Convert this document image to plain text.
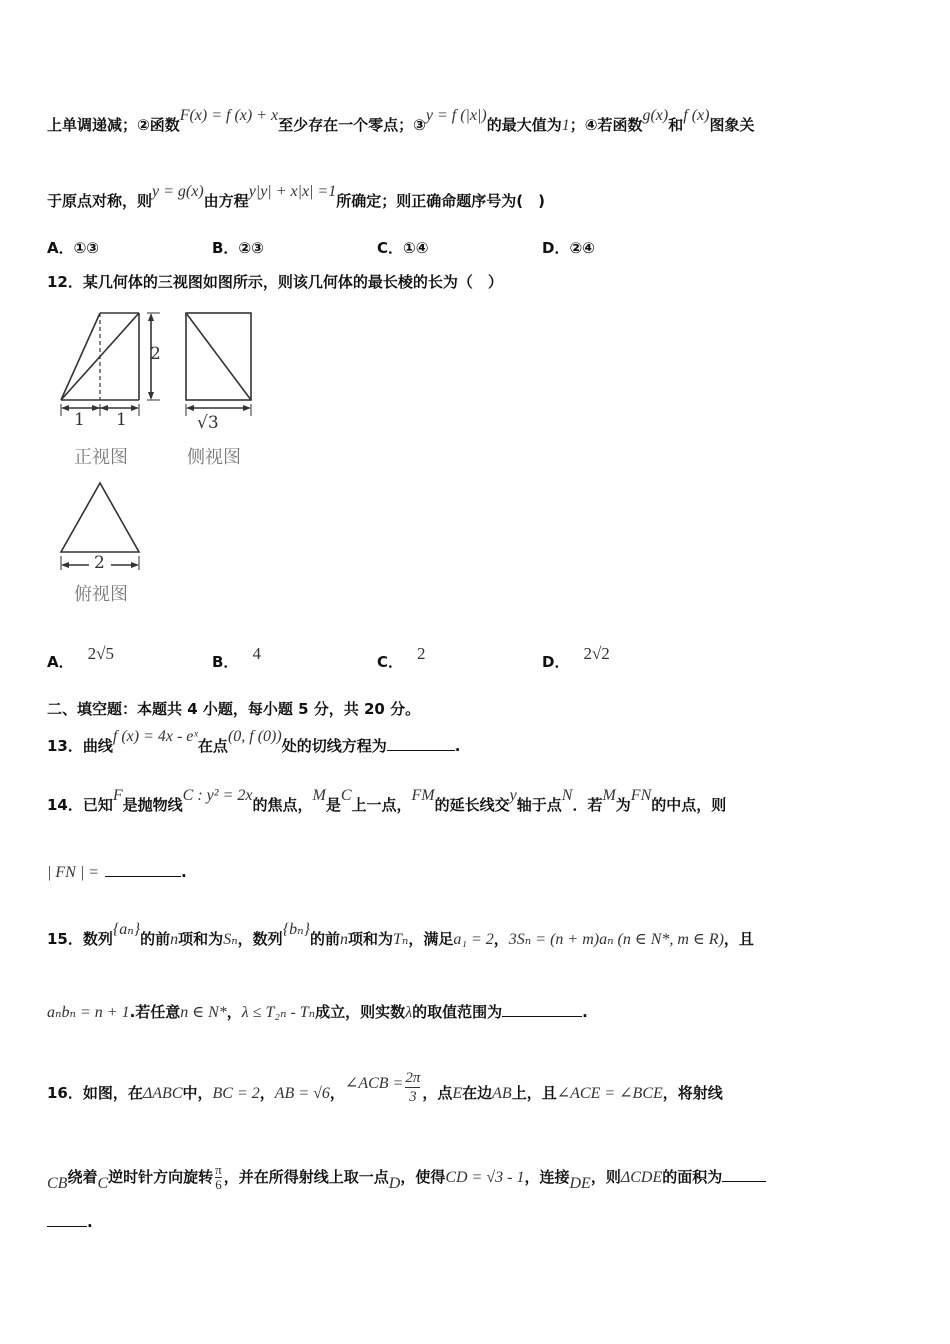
上单调递减；②函数F(x) = f (x) + x至少存在一个零点；③y = f (|x|)的最大值为1；④若函数g(x)和f (x)图象关
于原点对称，则y = g(x)由方程y|y| + x|x| =1所确定；则正确命题序号为(　)
A．①③	B．②③	C．①④	D．②④
12．某几何体的三视图如图所示，则该几何体的最长棱的长为（　）
1 1
2
正视图
√3
侧视图
2
俯视图
A． 2√5	B． 4	C． 2	D． 2√2
二、填空题：本题共 4 小题，每小题 5 分，共 20 分。
13．曲线f (x) = 4x - eˣ在点(0, f (0))处的切线方程为	.
14．已知F是抛物线C : y² = 2x的焦点，M是C上一点，FM的延长线交y轴于点N．若M为FN的中点，则
| FN | =	.
15．数列{aₙ}的前n项和为Sₙ，数列{bₙ}的前n项和为Tₙ，满足a₁ = 2，3Sₙ = (n + m)aₙ (n ∈ N*, m ∈ R)，且
aₙbₙ = n + 1.若任意n ∈ N*，λ ≤ T₂ₙ - Tₙ成立，则实数λ的取值范围为	.
16．如图，在ΔABC中，BC = 2，AB = √6，∠ACB = $\frac{2\pi}{3}$ ，点E在边AB上，且∠ACE = ∠BCE，将射线
CB绕着C逆时针方向旋转 $\frac{\pi}{6}$ ，并在所得射线上取一点D，使得CD = √3 - 1，连接DE，则ΔCDE的面积为
.
